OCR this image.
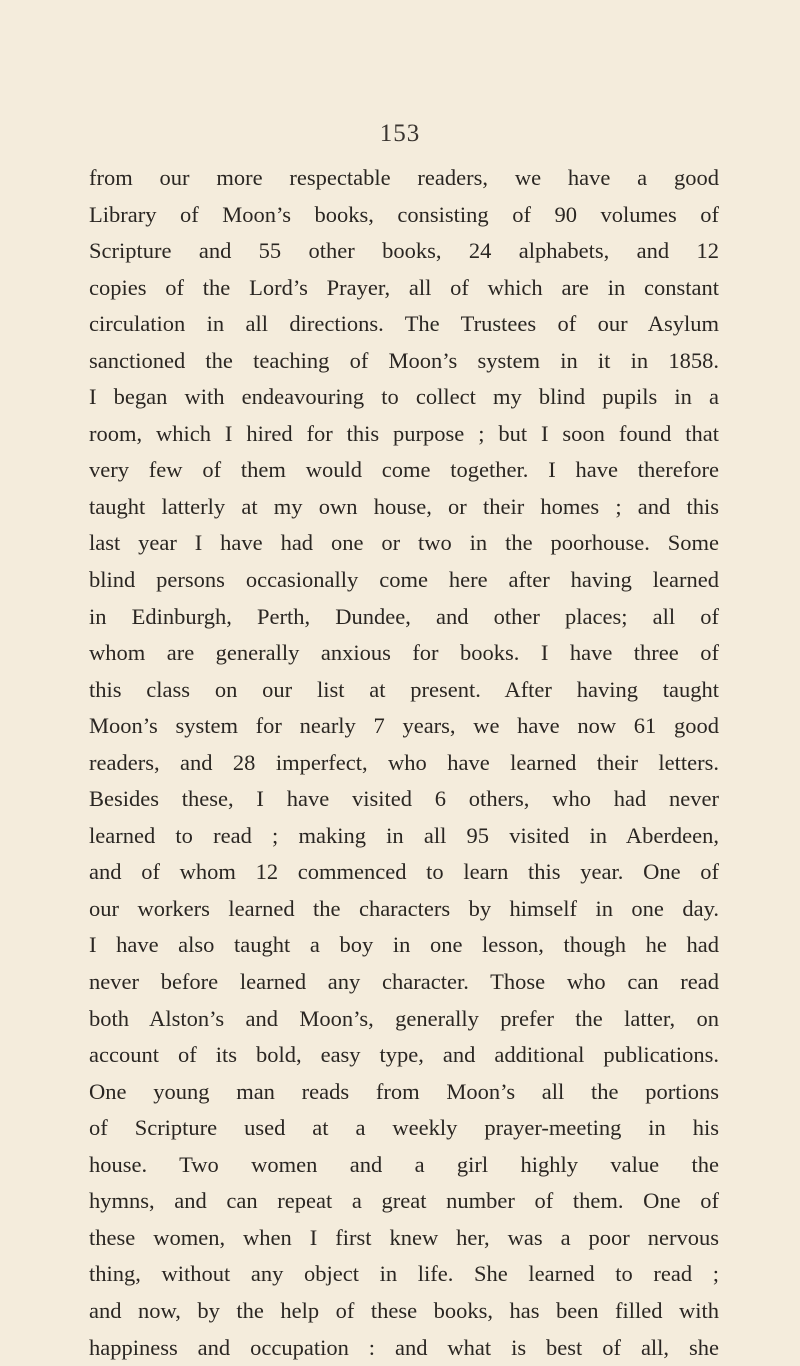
153
from our more respectable readers, we have a good
Library of Moon’s books, consisting of 90 volumes of
Scripture and 55 other books, 24 alphabets, and 12
copies of the Lord’s Prayer, all of which are in constant
circulation in all directions. The Trustees of our Asylum
sanctioned the teaching of Moon’s system in it in 1858.
I began with endeavouring to collect my blind pupils in a
room, which I hired for this purpose ; but I soon found that
very few of them would come together. I have therefore
taught latterly at my own house, or their homes ; and this
last year I have had one or two in the poorhouse. Some
blind persons occasionally come here after having learned
in Edinburgh, Perth, Dundee, and other places; all of
whom are generally anxious for books. I have three of
this class on our list at present. After having taught
Moon’s system for nearly 7 years, we have now 61 good
readers, and 28 imperfect, who have learned their letters.
Besides these, I have visited 6 others, who had never
learned to read ; making in all 95 visited in Aberdeen,
and of whom 12 commenced to learn this year. One of
our workers learned the characters by himself in one day.
I have also taught a boy in one lesson, though he had
never before learned any character. Those who can read
both Alston’s and Moon’s, generally prefer the latter, on
account of its bold, easy type, and additional publications.
One young man reads from Moon’s all the portions
of Scripture used at a weekly prayer-meeting in his
house. Two women and a girl highly value the
hymns, and can repeat a great number of them. One of
these women, when I first knew her, was a poor nervous
thing, without any object in life. She learned to read ;
and now, by the help of these books, has been filled with
happiness and occupation : and what is best of all, she
